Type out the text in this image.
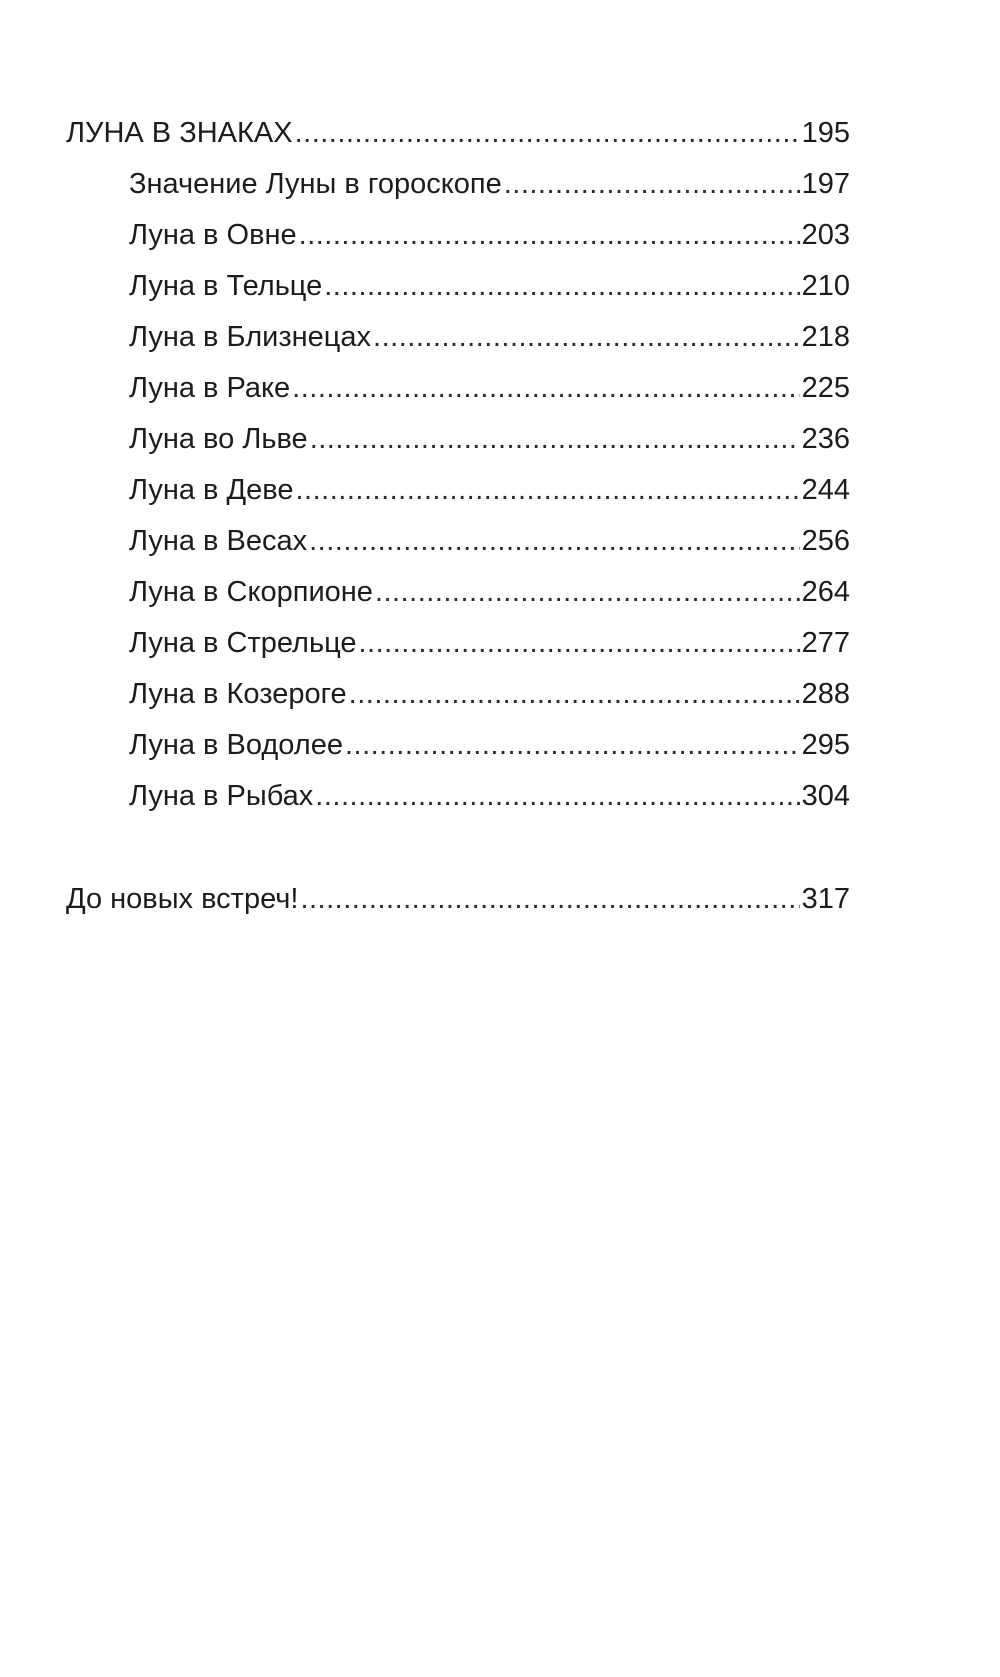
ЛУНА В ЗНАКАХ .....	195
Значение Луны в гороскопе .....	197
Луна в Овне .....	203
Луна в Тельце .....	210
Луна в Близнецах .....	218
Луна в Раке .....	225
Луна во Льве .....	236
Луна в Деве .....	244
Луна в Весах .....	256
Луна в Скорпионе .....	264
Луна в Стрельце .....	277
Луна в Козероге .....	288
Луна в Водолее .....	295
Луна в Рыбах .....	304
До новых встреч! .....	317
